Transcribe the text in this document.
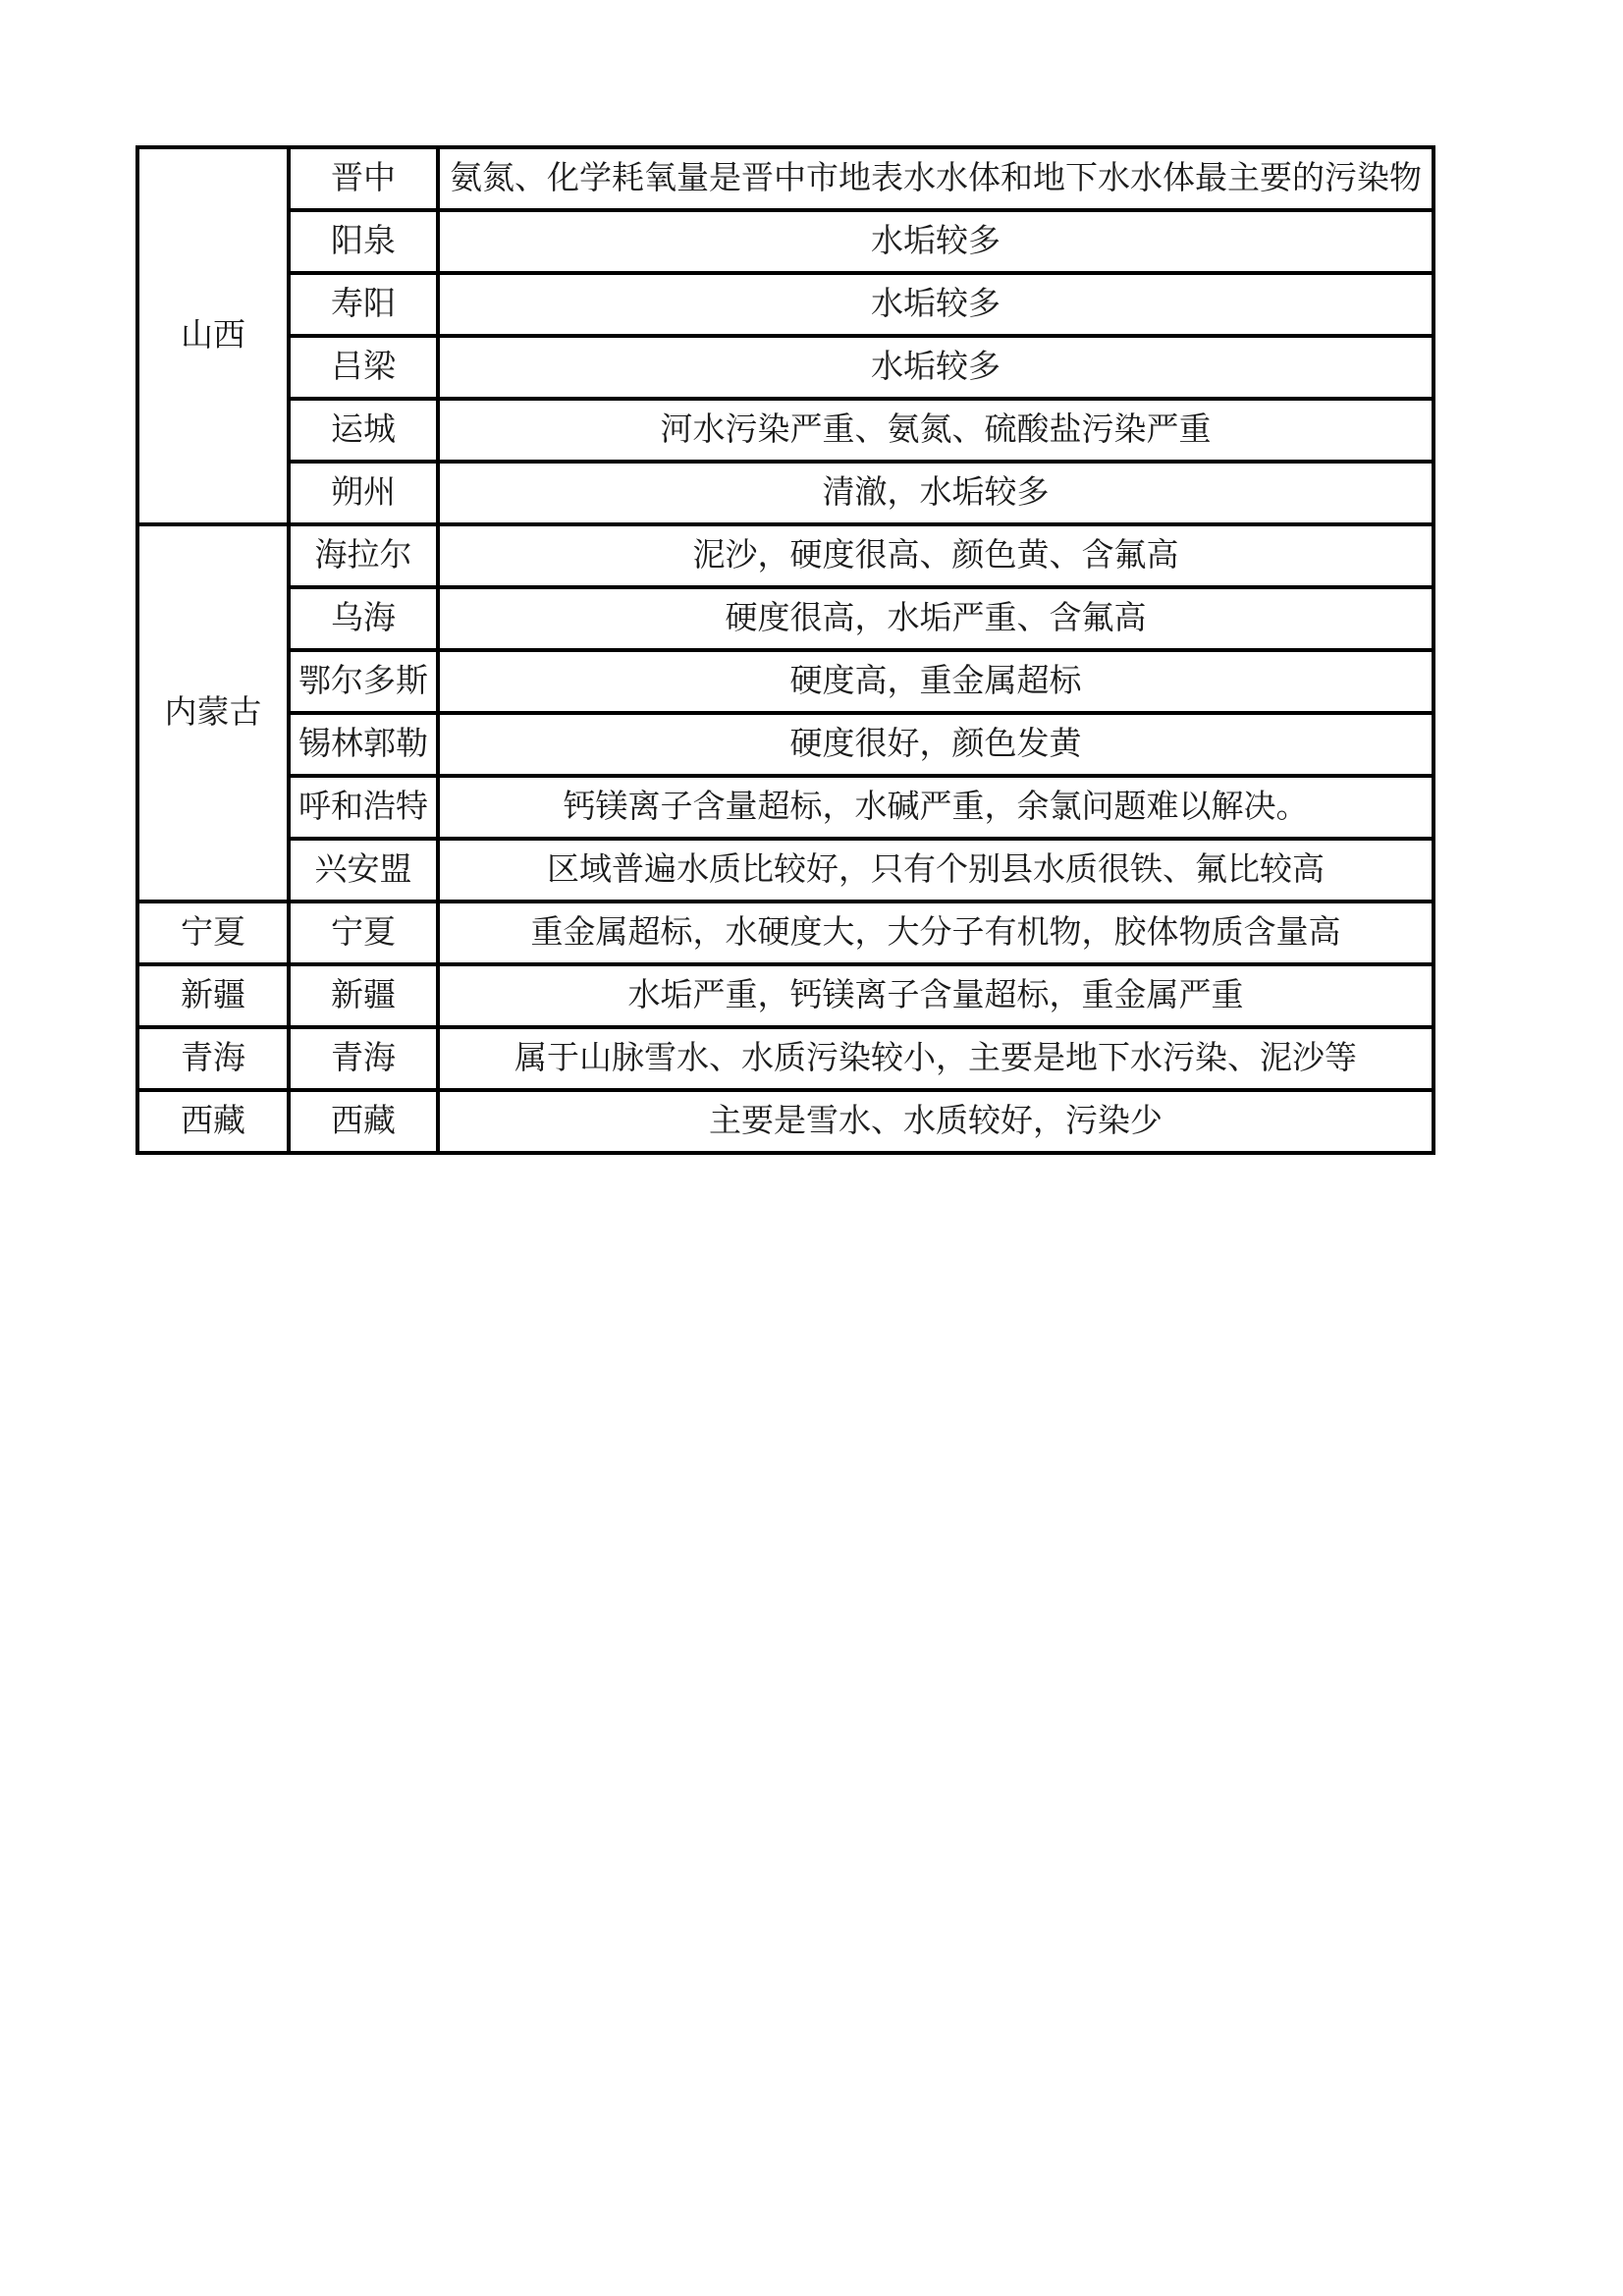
山西	晋中	氨氮、化学耗氧量是晋中市地表水水体和地下水水体最主要的污染物
	阳泉	水垢较多
	寿阳	水垢较多
	吕梁	水垢较多
	运城	河水污染严重、氨氮、硫酸盐污染严重
	朔州	清澈，水垢较多
内蒙古	海拉尔	泥沙，硬度很高、颜色黄、含氟高
	乌海	硬度很高，水垢严重、含氟高
	鄂尔多斯	硬度高，重金属超标
	锡林郭勒	硬度很好，颜色发黄
	呼和浩特	钙镁离子含量超标，水碱严重，余氯问题难以解决。
	兴安盟	区域普遍水质比较好，只有个别县水质很铁、氟比较高
宁夏	宁夏	重金属超标，水硬度大，大分子有机物，胶体物质含量高
新疆	新疆	水垢严重，钙镁离子含量超标，重金属严重
青海	青海	属于山脉雪水、水质污染较小，主要是地下水污染、泥沙等
西藏	西藏	主要是雪水、水质较好，污染少
